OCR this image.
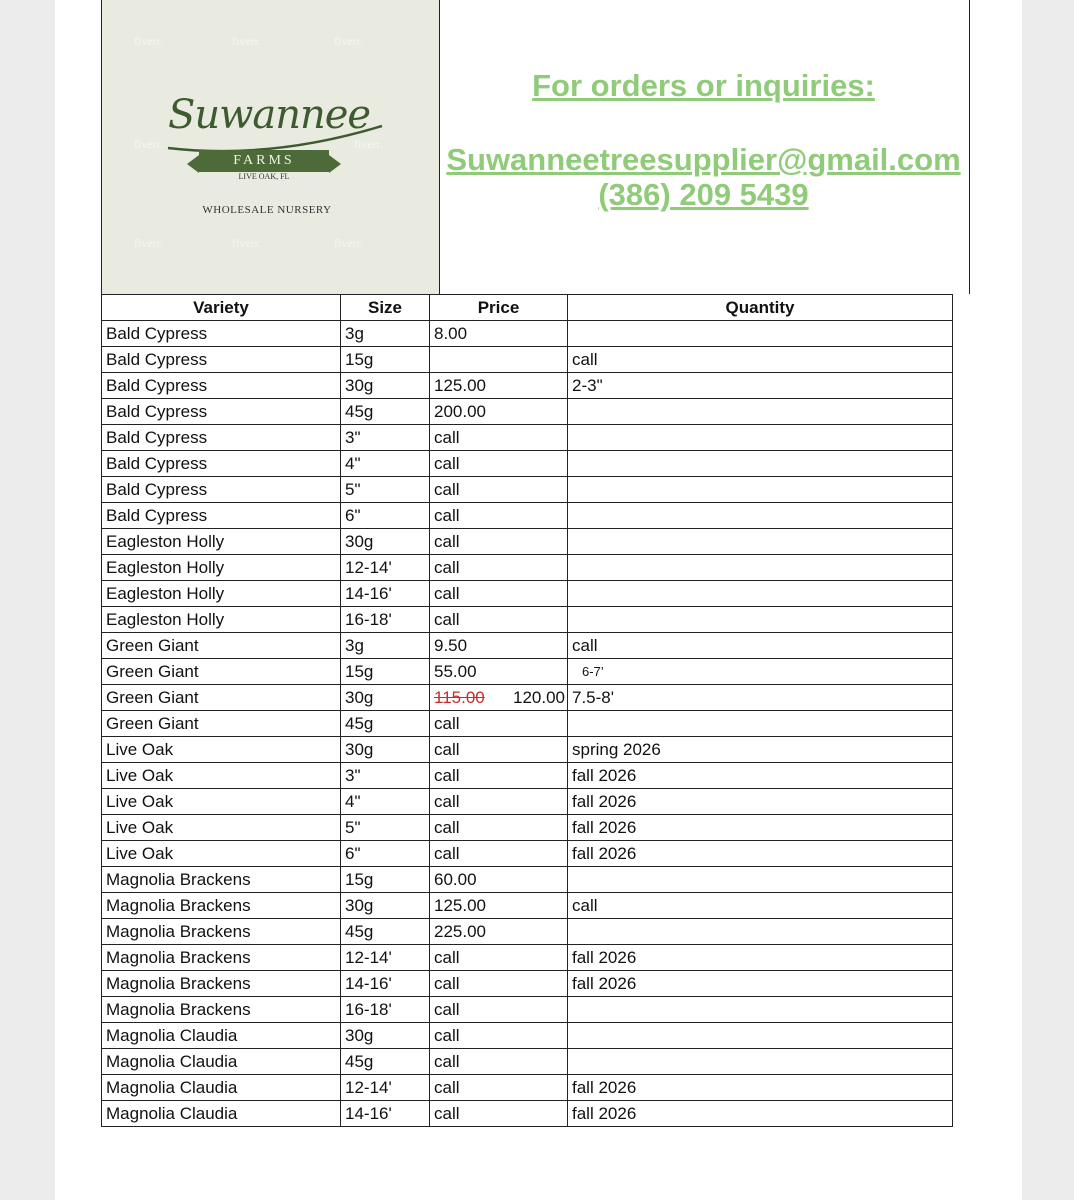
fiverr.	fiverr.	fiverr.
fiverr.	fiverr.
fiverr.	fiverr.	fiverr.
Suwannee
FARMS
LIVE OAK, FL
WHOLESALE NURSERY
For orders or inquiries:
Suwanneetreesupplier@gmail.com
(386) 209 5439
Variety	Size	Price	Quantity
Bald Cypress	3g	8.00	
Bald Cypress	15g		call
Bald Cypress	30g	125.00	2-3"
Bald Cypress	45g	200.00	
Bald Cypress	3"	call	
Bald Cypress	4"	call	
Bald Cypress	5"	call	
Bald Cypress	6"	call	
Eagleston Holly	30g	call	
Eagleston Holly	12-14'	call	
Eagleston Holly	14-16'	call	
Eagleston Holly	16-18'	call	
Green Giant	3g	9.50	call
Green Giant	15g	55.00	6-7’
Green Giant	30g	115.00 120.00	7.5-8'
Green Giant	45g	call	
Live Oak	30g	call	spring 2026
Live Oak	3"	call	fall 2026
Live Oak	4"	call	fall 2026
Live Oak	5"	call	fall 2026
Live Oak	6"	call	fall 2026
Magnolia Brackens	15g	60.00	
Magnolia Brackens	30g	125.00	call
Magnolia Brackens	45g	225.00	
Magnolia Brackens	12-14'	call	fall 2026
Magnolia Brackens	14-16'	call	fall 2026
Magnolia Brackens	16-18'	call	
Magnolia Claudia	30g	call	
Magnolia Claudia	45g	call	
Magnolia Claudia	12-14'	call	fall 2026
Magnolia Claudia	14-16'	call	fall 2026
